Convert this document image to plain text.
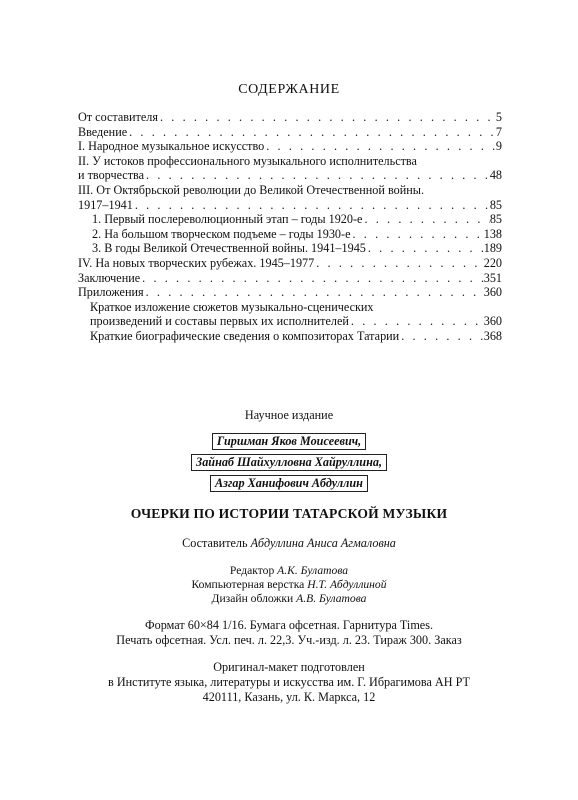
СОДЕРЖАНИЕ
От составителя . . .	5
Введение . . .	7
I. Народное музыкальное искусство . . .	9
II. У истоков профессионального музыкального исполнительства
и творчества . . .	48
III. От Октябрьской революции до Великой Отечественной войны.
1917–1941 . . .	85
1. Первый послереволюционный этап – годы 1920-е . . .	85
2. На большом творческом подъеме – годы 1930-е . . .	138
3. В годы Великой Отечественной войны. 1941–1945 . . .	189
IV. На новых творческих рубежах. 1945–1977 . . .	220
Заключение . . .	351
Приложения . . .	360
Краткое изложение сюжетов музыкально-сценических
произведений и составы первых их исполнителей . . .	360
Краткие биографические сведения о композиторах Татарии . . .	368
Научное издание
Гиршман Яков Моисеевич,
Зайнаб Шайхулловна Хайруллина,
Азгар Ханифович Абдуллин
ОЧЕРКИ ПО ИСТОРИИ ТАТАРСКОЙ МУЗЫКИ
Составитель Абдуллина Аниса Агмаловна
Редактор А.К. Булатова
Компьютерная верстка Н.Т. Абдуллиной
Дизайн обложки А.В. Булатова
Формат 60×84 1/16. Бумага офсетная. Гарнитура Times.
Печать офсетная. Усл. печ. л. 22,3. Уч.-изд. л. 23. Тираж 300. Заказ
Оригинал-макет подготовлен
в Институте языка, литературы и искусства им. Г. Ибрагимова АН РТ
420111, Казань, ул. К. Маркса, 12
